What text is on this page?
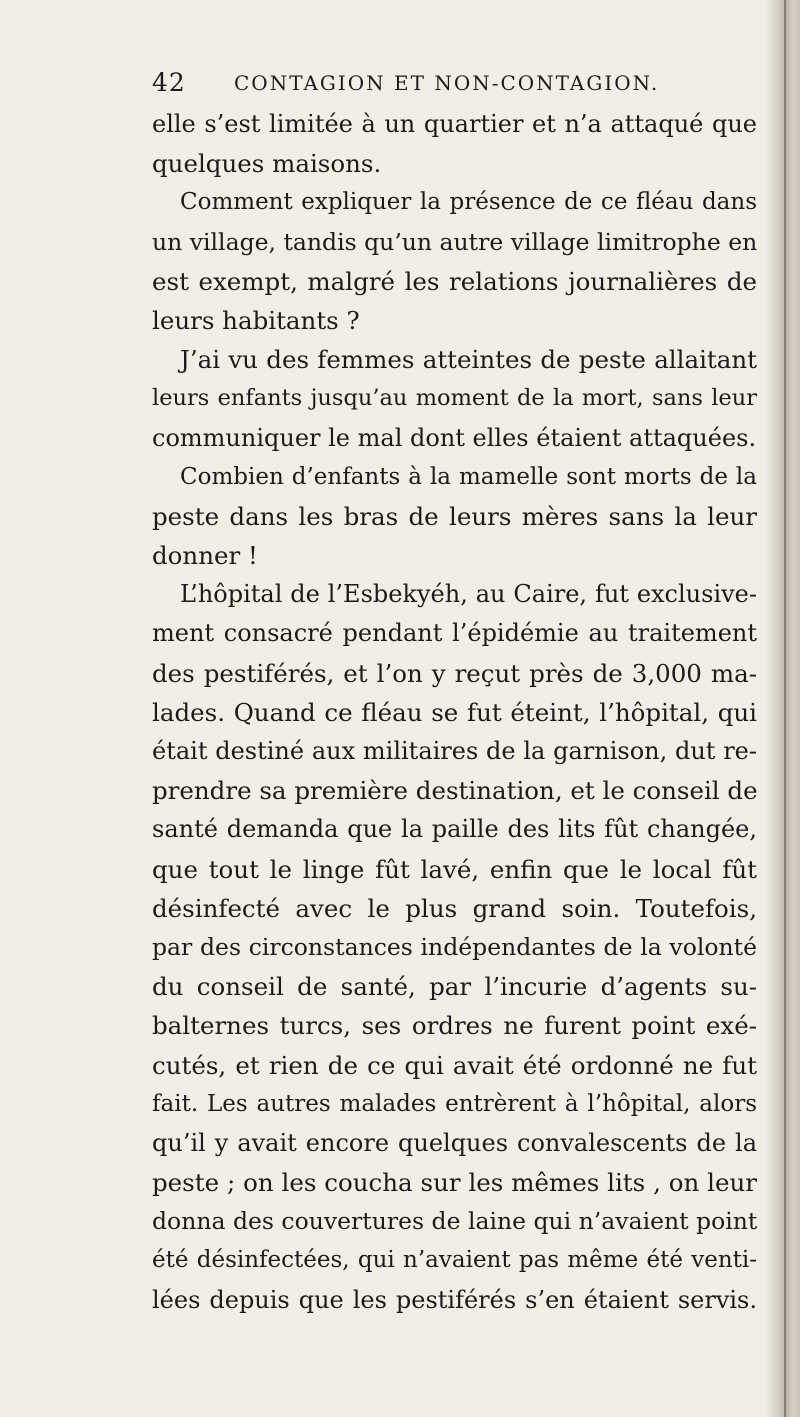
42 CONTAGION ET NON-CONTAGION.
elle s’est limitée à un quartier et n’a attaqué que
quelques maisons.
Comment expliquer la présence de ce fléau dans
un village, tandis qu’un autre village limitrophe en
est exempt, malgré les relations journalières de
leurs habitants ?
J’ai vu des femmes atteintes de peste allaitant
leurs enfants jusqu’au moment de la mort, sans leur
communiquer le mal dont elles étaient attaquées.
Combien d’enfants à la mamelle sont morts de la
peste dans les bras de leurs mères sans la leur
donner !
L’hôpital de l’Esbekyéh, au Caire, fut exclusive-
ment consacré pendant l’épidémie au traitement
des pestiférés, et l’on y reçut près de 3,000 ma-
lades. Quand ce fléau se fut éteint, l’hôpital, qui
était destiné aux militaires de la garnison, dut re-
prendre sa première destination, et le conseil de
santé demanda que la paille des lits fût changée,
que tout le linge fût lavé, enfin que le local fût
désinfecté avec le plus grand soin. Toutefois,
par des circonstances indépendantes de la volonté
du conseil de santé, par l’incurie d’agents su-
balternes turcs, ses ordres ne furent point exé-
cutés, et rien de ce qui avait été ordonné ne fut
fait. Les autres malades entrèrent à l’hôpital, alors
qu’il y avait encore quelques convalescents de la
peste ; on les coucha sur les mêmes lits , on leur
donna des couvertures de laine qui n’avaient point
été désinfectées, qui n’avaient pas même été venti-
lées depuis que les pestiférés s’en étaient servis.
